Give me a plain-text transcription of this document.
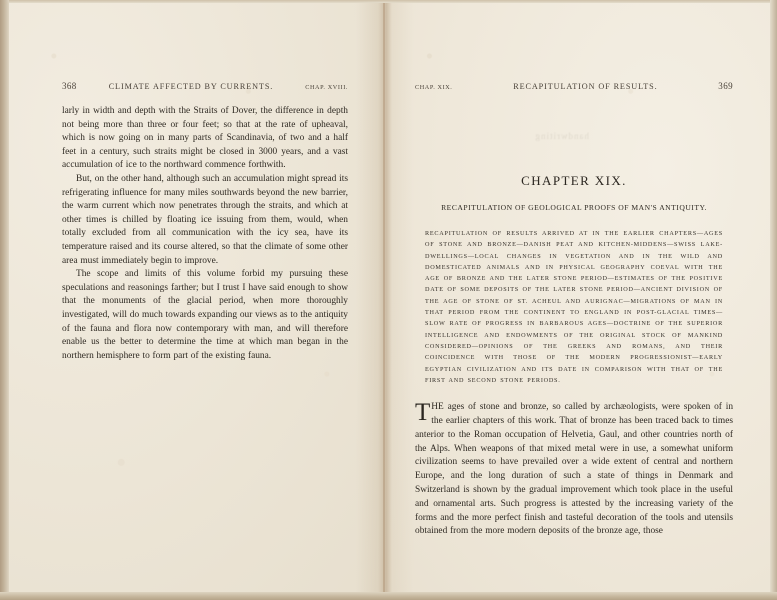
368	CLIMATE AFFECTED BY CURRENTS.	CHAP. XVIII.

larly in width and depth with the Straits of Dover, the difference in depth not being more than three or four feet; so that at the rate of upheaval, which is now going on in many parts of Scandinavia, of two and a half feet in a century, such straits might be closed in 3000 years, and a vast accumulation of ice to the northward commence forthwith.

But, on the other hand, although such an accumulation might spread its refrigerating influence for many miles southwards beyond the new barrier, the warm current which now penetrates through the straits, and which at other times is chilled by floating ice issuing from them, would, when totally excluded from all communication with the icy sea, have its temperature raised and its course altered, so that the climate of some other area must immediately begin to improve.

The scope and limits of this volume forbid my pursuing these speculations and reasonings farther; but I trust I have said enough to show that the monuments of the glacial period, when more thoroughly investigated, will do much towards expanding our views as to the antiquity of the fauna and flora now contemporary with man, and will therefore enable us the better to determine the time at which man began in the northern hemisphere to form part of the existing fauna.

handwriting
CHAP. XIX.	RECAPITULATION OF RESULTS.	369
CHAPTER XIX.
RECAPITULATION OF GEOLOGICAL PROOFS OF MAN'S ANTIQUITY.
RECAPITULATION OF RESULTS ARRIVED AT IN THE EARLIER CHAPTERS—AGES OF STONE AND BRONZE—DANISH PEAT AND KITCHEN-MIDDENS—SWISS LAKE-DWELLINGS—LOCAL CHANGES IN VEGETATION AND IN THE WILD AND DOMESTICATED ANIMALS AND IN PHYSICAL GEOGRAPHY COEVAL WITH THE AGE OF BRONZE AND THE LATER STONE PERIOD—ESTIMATES OF THE POSITIVE DATE OF SOME DEPOSITS OF THE LATER STONE PERIOD—ANCIENT DIVISION OF THE AGE OF STONE OF ST. ACHEUL AND AURIGNAC—MIGRATIONS OF MAN IN THAT PERIOD FROM THE CONTINENT TO ENGLAND IN POST-GLACIAL TIMES—SLOW RATE OF PROGRESS IN BARBAROUS AGES—DOCTRINE OF THE SUPERIOR INTELLIGENCE AND ENDOWMENTS OF THE ORIGINAL STOCK OF MANKIND CONSIDERED—OPINIONS OF THE GREEKS AND ROMANS, AND THEIR COINCIDENCE WITH THOSE OF THE MODERN PROGRESSIONIST—EARLY EGYPTIAN CIVILIZATION AND ITS DATE IN COMPARISON WITH THAT OF THE FIRST AND SECOND STONE PERIODS.

THE ages of stone and bronze, so called by archæologists, were spoken of in the earlier chapters of this work. That of bronze has been traced back to times anterior to the Roman occupation of Helvetia, Gaul, and other countries north of the Alps. When weapons of that mixed metal were in use, a somewhat uniform civilization seems to have prevailed over a wide extent of central and northern Europe, and the long duration of such a state of things in Denmark and Switzerland is shown by the gradual improvement which took place in the useful and ornamental arts. Such progress is attested by the increasing variety of the forms and the more perfect finish and tasteful decoration of the tools and utensils obtained from the more modern deposits of the bronze age, those
